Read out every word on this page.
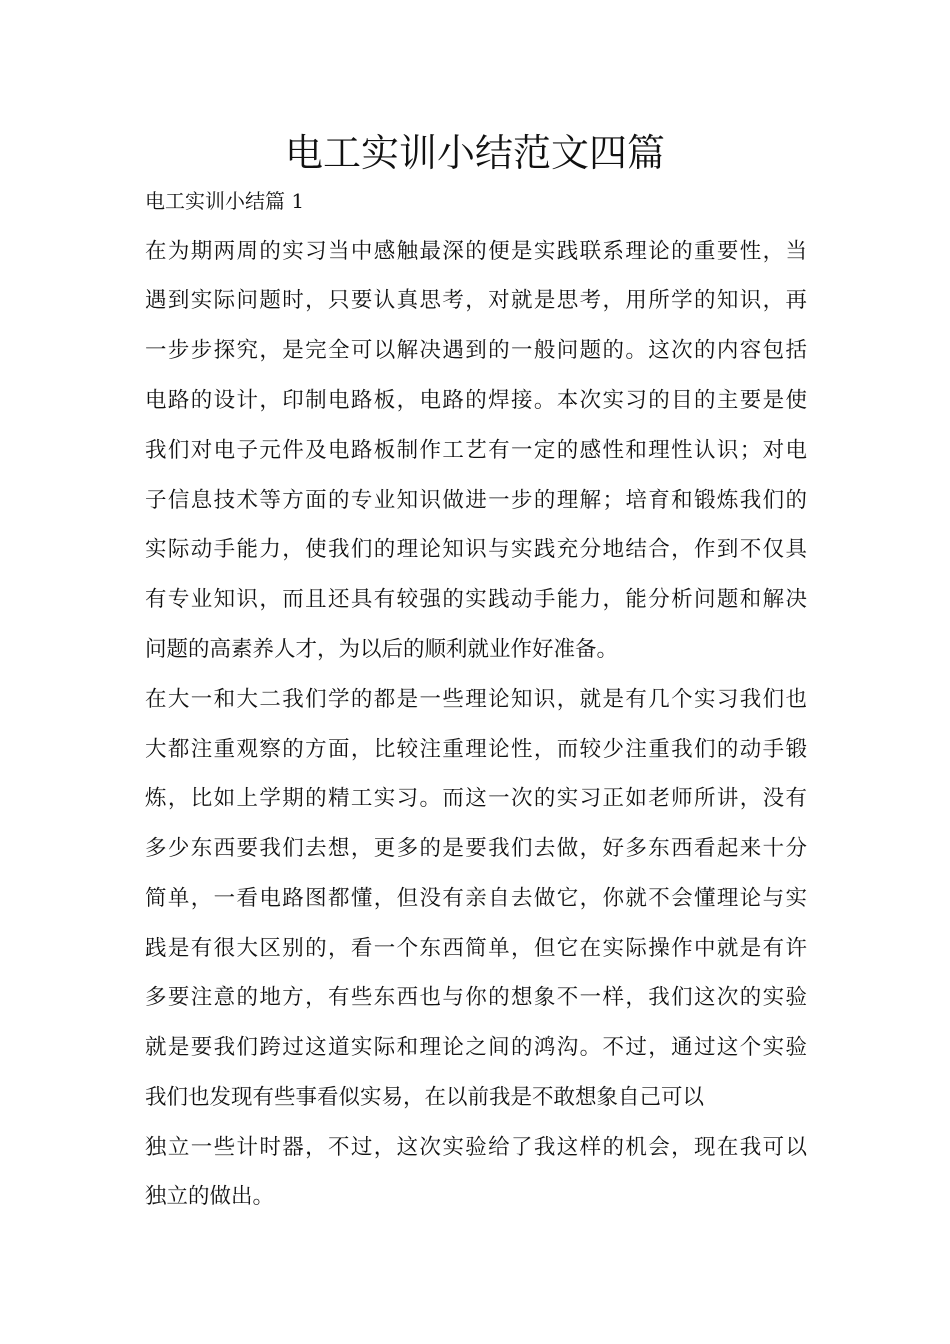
电工实训小结范文四篇

电工实训小结篇 1

在为期两周的实习当中感触最深的便是实践联系理论的重要性，当

遇到实际问题时，只要认真思考，对就是思考，用所学的知识，再

一步步探究，是完全可以解决遇到的一般问题的。这次的内容包括

电路的设计，印制电路板，电路的焊接。本次实习的目的主要是使

我们对电子元件及电路板制作工艺有一定的感性和理性认识；对电

子信息技术等方面的专业知识做进一步的理解；培育和锻炼我们的

实际动手能力，使我们的理论知识与实践充分地结合，作到不仅具

有专业知识，而且还具有较强的实践动手能力，能分析问题和解决

问题的高素养人才，为以后的顺利就业作好准备。

在大一和大二我们学的都是一些理论知识，就是有几个实习我们也

大都注重观察的方面，比较注重理论性，而较少注重我们的动手锻

炼，比如上学期的精工实习。而这一次的实习正如老师所讲，没有

多少东西要我们去想，更多的是要我们去做，好多东西看起来十分

简单，一看电路图都懂，但没有亲自去做它，你就不会懂理论与实

践是有很大区别的，看一个东西简单，但它在实际操作中就是有许

多要注意的地方，有些东西也与你的想象不一样，我们这次的实验

就是要我们跨过这道实际和理论之间的鸿沟。不过，通过这个实验

我们也发现有些事看似实易，在以前我是不敢想象自己可以

独立一些计时器，不过，这次实验给了我这样的机会，现在我可以

独立的做出。
